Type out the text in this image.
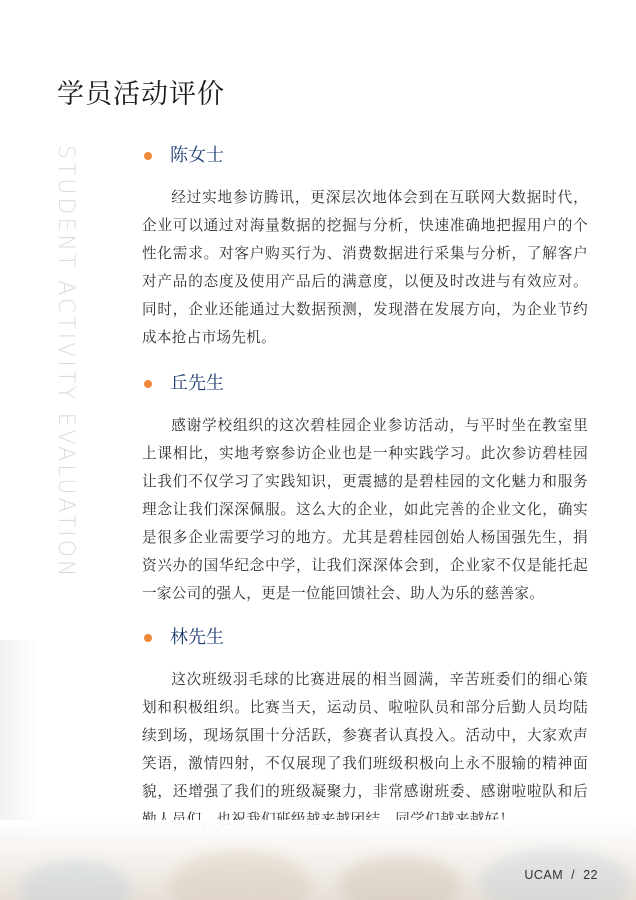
学员活动评价
STUDENT ACTIVITY EVALUATION	陈女士

经过实地参访腾讯，更深层次地体会到在互联网大数据时代，企业可以通过对海量数据的挖掘与分析，快速准确地把握用户的个性化需求。对客户购买行为、消费数据进行采集与分析，了解客户对产品的态度及使用产品后的满意度，以便及时改进与有效应对。同时，企业还能通过大数据预测，发现潜在发展方向，为企业节约成本抢占市场先机。

丘先生

感谢学校组织的这次碧桂园企业参访活动，与平时坐在教室里上课相比，实地考察参访企业也是一种实践学习。此次参访碧桂园让我们不仅学习了实践知识，更震撼的是碧桂园的文化魅力和服务理念让我们深深佩服。这么大的企业，如此完善的企业文化，确实是很多企业需要学习的地方。尤其是碧桂园创始人杨国强先生，捐资兴办的国华纪念中学，让我们深深体会到，企业家不仅是能托起一家公司的强人，更是一位能回馈社会、助人为乐的慈善家。

林先生

这次班级羽毛球的比赛进展的相当圆满，辛苦班委们的细心策划和积极组织。比赛当天，运动员、啦啦队员和部分后勤人员均陆续到场，现场氛围十分活跃，参赛者认真投入。活动中，大家欢声笑语，激情四射，不仅展现了我们班级积极向上永不服输的精神面貌，还增强了我们的班级凝聚力，非常感谢班委、感谢啦啦队和后

UCAM / 22
